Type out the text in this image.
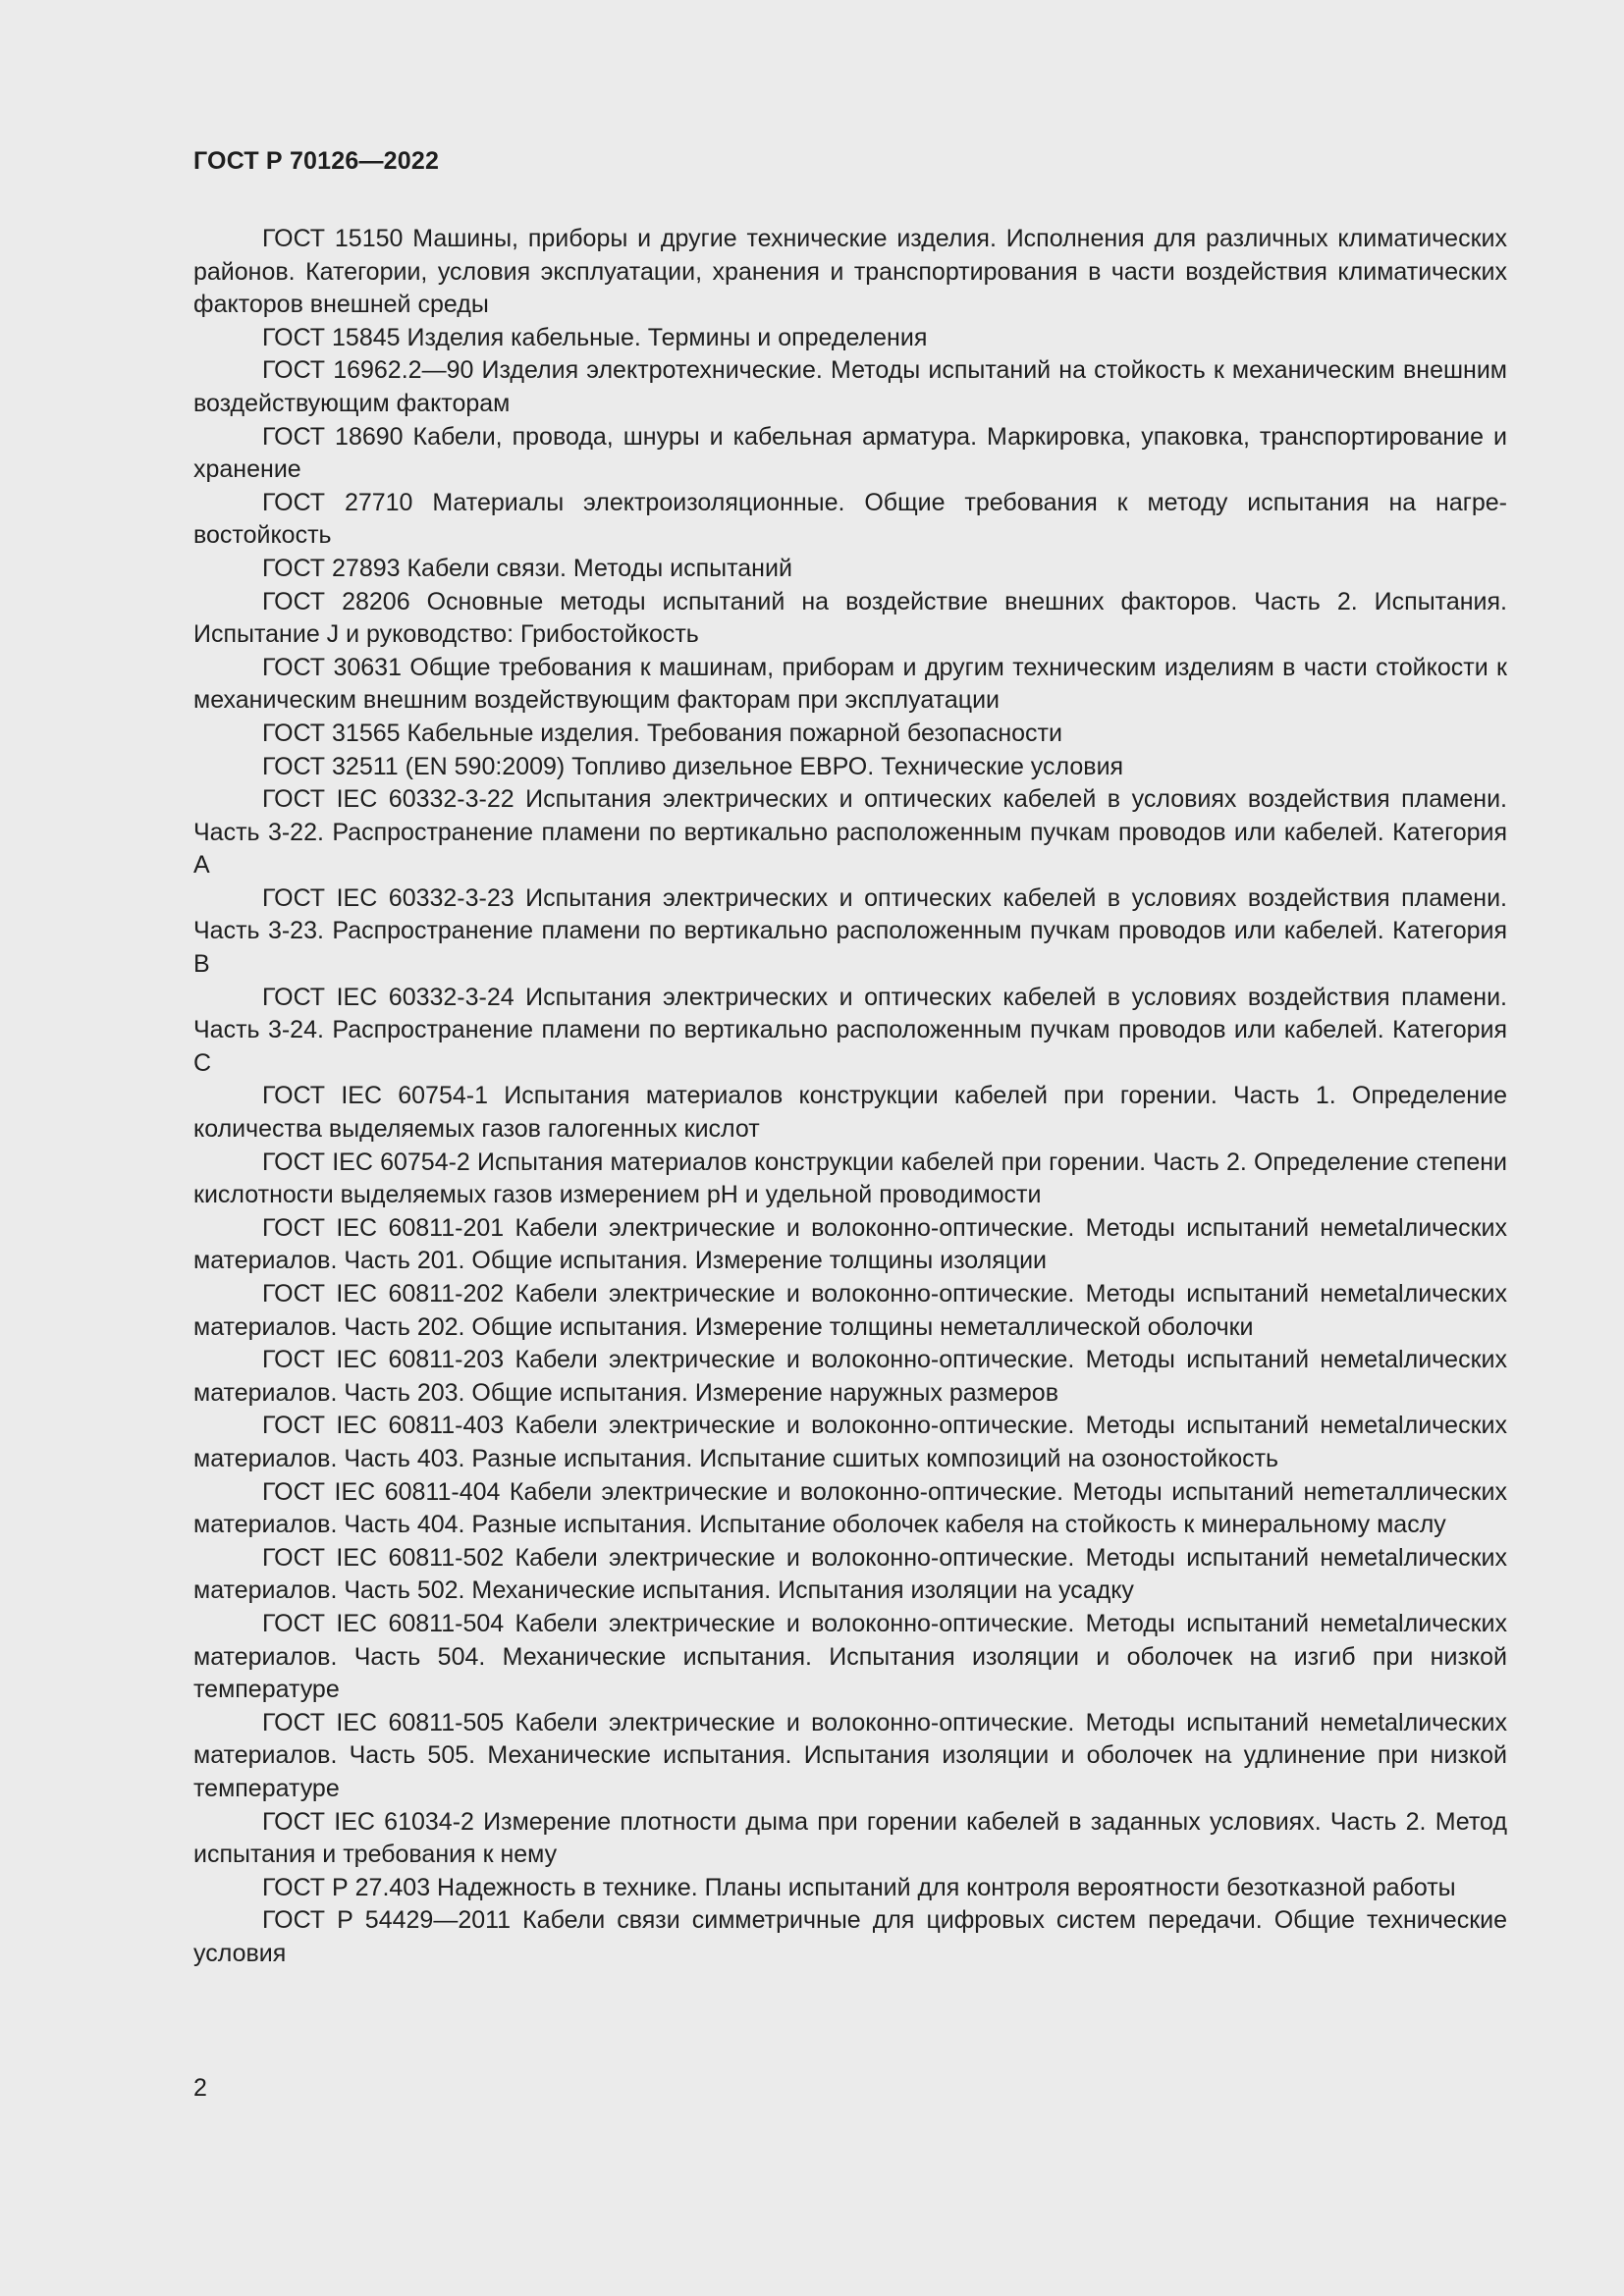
ГОСТ Р 70126—2022

ГОСТ 15150 Машины, приборы и другие технические изделия. Исполнения для различных климатических районов. Категории, условия эксплуатации, хранения и транспортирования в части воздействия климатических факторов внешней среды

ГОСТ 15845 Изделия кабельные. Термины и определения

ГОСТ 16962.2—90 Изделия электротехнические. Методы испытаний на стойкость к механическим внешним воздействующим факторам

ГОСТ 18690 Кабели, провода, шнуры и кабельная арматура. Маркировка, упаковка, транспортирование и хранение

ГОСТ 27710 Материалы электроизоляционные. Общие требования к методу испытания на нагревостойкость

ГОСТ 27893 Кабели связи. Методы испытаний

ГОСТ 28206 Основные методы испытаний на воздействие внешних факторов. Часть 2. Испытания. Испытание J и руководство: Грибостойкость

ГОСТ 30631 Общие требования к машинам, приборам и другим техническим изделиям в части стойкости к механическим внешним воздействующим факторам при эксплуатации

ГОСТ 31565 Кабельные изделия. Требования пожарной безопасности

ГОСТ 32511 (EN 590:2009) Топливо дизельное ЕВРО. Технические условия

ГОСТ IEC 60332-3-22 Испытания электрических и оптических кабелей в условиях воздействия пламени. Часть 3-22. Распространение пламени по вертикально расположенным пучкам проводов или кабелей. Категория А

ГОСТ IEC 60332-3-23 Испытания электрических и оптических кабелей в условиях воздействия пламени. Часть 3-23. Распространение пламени по вертикально расположенным пучкам проводов или кабелей. Категория В

ГОСТ IEC 60332-3-24 Испытания электрических и оптических кабелей в условиях воздействия пламени. Часть 3-24. Распространение пламени по вертикально расположенным пучкам проводов или кабелей. Категория С

ГОСТ IEC 60754-1 Испытания материалов конструкции кабелей при горении. Часть 1. Определение количества выделяемых газов галогенных кислот

ГОСТ IEC 60754-2 Испытания материалов конструкции кабелей при горении. Часть 2. Определение степени кислотности выделяемых газов измерением pH и удельной проводимости

ГОСТ IEC 60811-201 Кабели электрические и волоконно-оптические. Методы испытаний немetalлических материалов. Часть 201. Общие испытания. Измерение толщины изоляции

ГОСТ IEC 60811-202 Кабели электрические и волоконно-оптические. Методы испытаний немetalлических материалов. Часть 202. Общие испытания. Измерение толщины неметаллической оболочки

ГОСТ IEC 60811-203 Кабели электрические и волоконно-оптические. Методы испытаний немetalлических материалов. Часть 203. Общие испытания. Измерение наружных размеров

ГОСТ IEC 60811-403 Кабели электрические и волоконно-оптические. Методы испытаний немetalлических материалов. Часть 403. Разные испытания. Испытание сшитых композиций на озоностойкость

ГОСТ IEC 60811-404 Кабели электрические и волоконно-оптические. Методы испытаний нemeталлических материалов. Часть 404. Разные испытания. Испытание оболочек кабеля на стойкость к минеральному маслу

ГОСТ IEC 60811-502 Кабели электрические и волоконно-оптические. Методы испытаний немetalлических материалов. Часть 502. Механические испытания. Испытания изоляции на усадку

ГОСТ IEC 60811-504 Кабели электрические и волоконно-оптические. Методы испытаний немetalлических материалов. Часть 504. Механические испытания. Испытания изоляции и оболочек на изгиб при низкой температуре

ГОСТ IEC 60811-505 Кабели электрические и волоконно-оптические. Методы испытаний немetalлических материалов. Часть 505. Механические испытания. Испытания изоляции и оболочек на удлинение при низкой температуре

ГОСТ IEC 61034-2 Измерение плотности дыма при горении кабелей в заданных условиях. Часть 2. Метод испытания и требования к нему

ГОСТ Р 27.403 Надежность в технике. Планы испытаний для контроля вероятности безотказной работы

ГОСТ Р 54429—2011 Кабели связи симметричные для цифровых систем передачи. Общие технические условия

2
